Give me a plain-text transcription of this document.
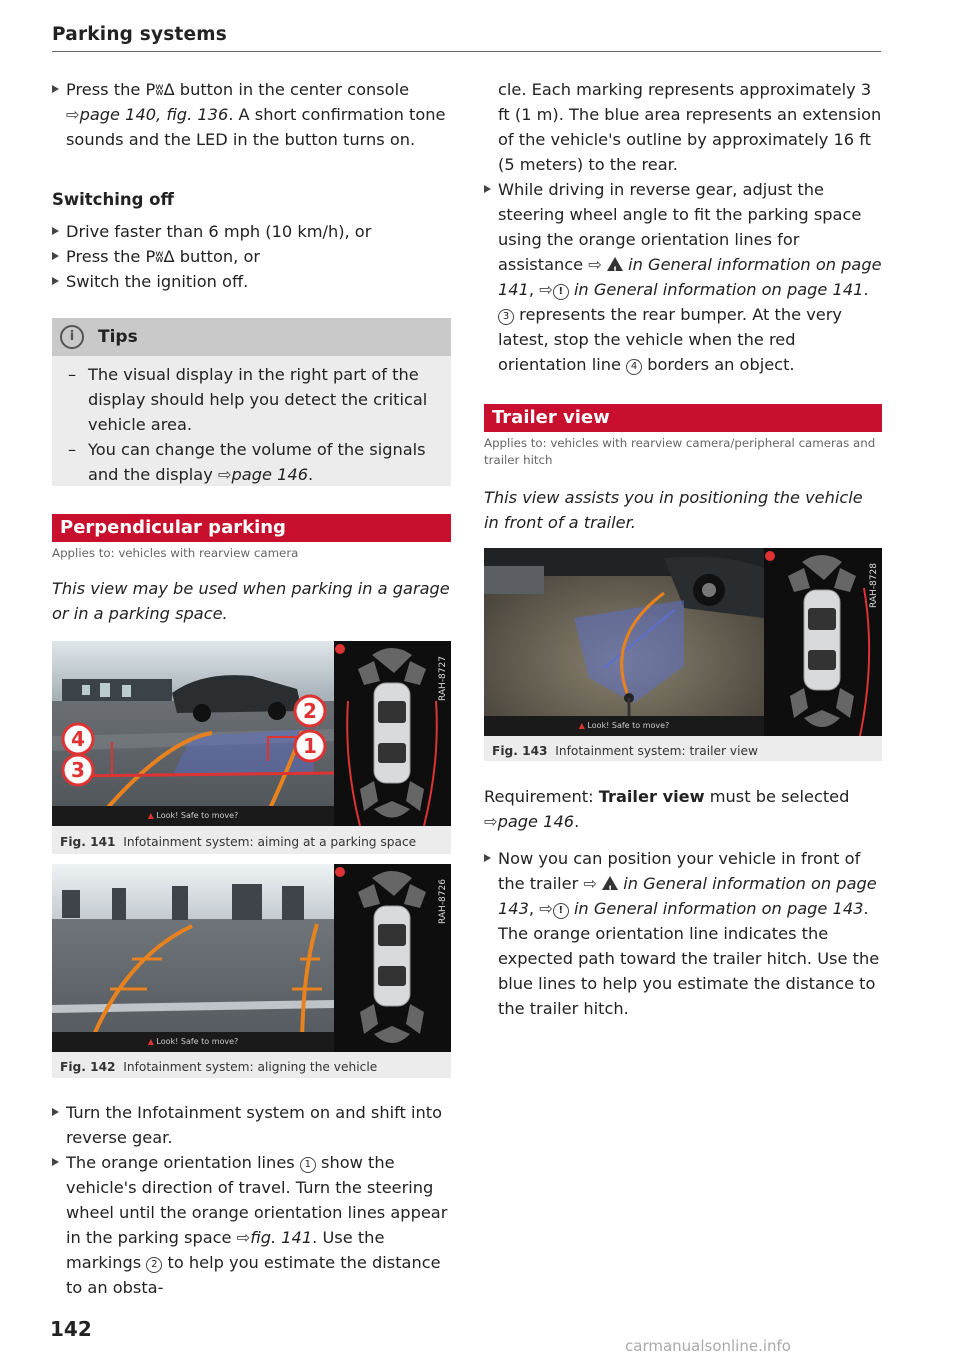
Parking systems

Press the PʬΔ button in the center console
⇨page 140, fig. 136. A short confirmation tone sounds and the LED in the button turns on.

Switching off

Drive faster than 6 mph (10 km/h), or

Press the PʬΔ button, or

Switch the ignition off.

i	Tips

– The visual display in the right part of the display should help you detect the critical vehicle area.

– You can change the volume of the signals and the display ⇨page 146.

Perpendicular parking

Applies to: vehicles with rearview camera

This view may be used when parking in a garage or in a parking space.

4
3
2
1
RAH-8727
▲ Look! Safe to move?
Fig. 141 Infotainment system: aiming at a parking space
RAH-8726
▲ Look! Safe to move?
Fig. 142 Infotainment system: aligning the vehicle

Turn the Infotainment system on and shift into reverse gear.

The orange orientation lines 1 show the vehicle's direction of travel. Turn the steering wheel until the orange orientation lines appear in the parking space ⇨fig. 141. Use the markings 2 to help you estimate the distance to an obsta-

142

cle. Each marking represents approximately 3 ft (1 m). The blue area represents an extension of the vehicle's outline by approximately 16 ft (5 meters) to the rear.

While driving in reverse gear, adjust the steering wheel angle to fit the parking space using the orange orientation lines for assistance ⇨ ! in General information on page 141, ⇨ ! in General information on page 141. 3 represents the rear bumper. At the very latest, stop the vehicle when the red orientation line 4 borders an object.

Trailer view

Applies to: vehicles with rearview camera/peripheral cameras and trailer hitch

This view assists you in positioning the vehicle in front of a trailer.

RAH-8728
▲ Look! Safe to move?
Fig. 143 Infotainment system: trailer view

Requirement: Trailer view must be selected
⇨page 146.

Now you can position your vehicle in front of the trailer ⇨ ! in General information on page 143, ⇨ ! in General information on page 143. The orange orientation line indicates the expected path toward the trailer hitch. Use the blue lines to help you estimate the distance to the trailer hitch.

carmanualsonline.info
